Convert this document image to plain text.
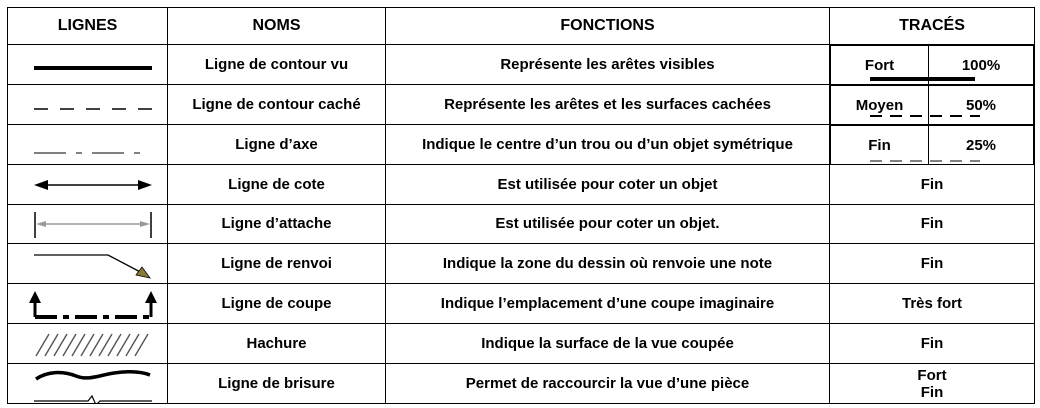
LIGNES	NOMS	FONCTIONS	TRACÉS

	Ligne de contour vu	Représente les arêtes visibles		Fort	100%

	Ligne de contour caché	Représente les arêtes et les surfaces cachées		Moyen	50%

	Ligne d’axe	Indique le centre d’un trou ou d’un objet symétrique		Fin	25%

	Ligne de cote	Est utilisée pour coter un objet	Fin

	Ligne d’attache	Est utilisée pour coter un objet.	Fin

	Ligne de renvoi	Indique la zone du dessin où renvoie une note	Fin

	Ligne de coupe	Indique l’emplacement d’une coupe imaginaire	Très fort

	Hachure	Indique la surface de la vue coupée	Fin

	Ligne de brisure	Permet de raccourcir la vue d’une pièce	Fort
Fin
